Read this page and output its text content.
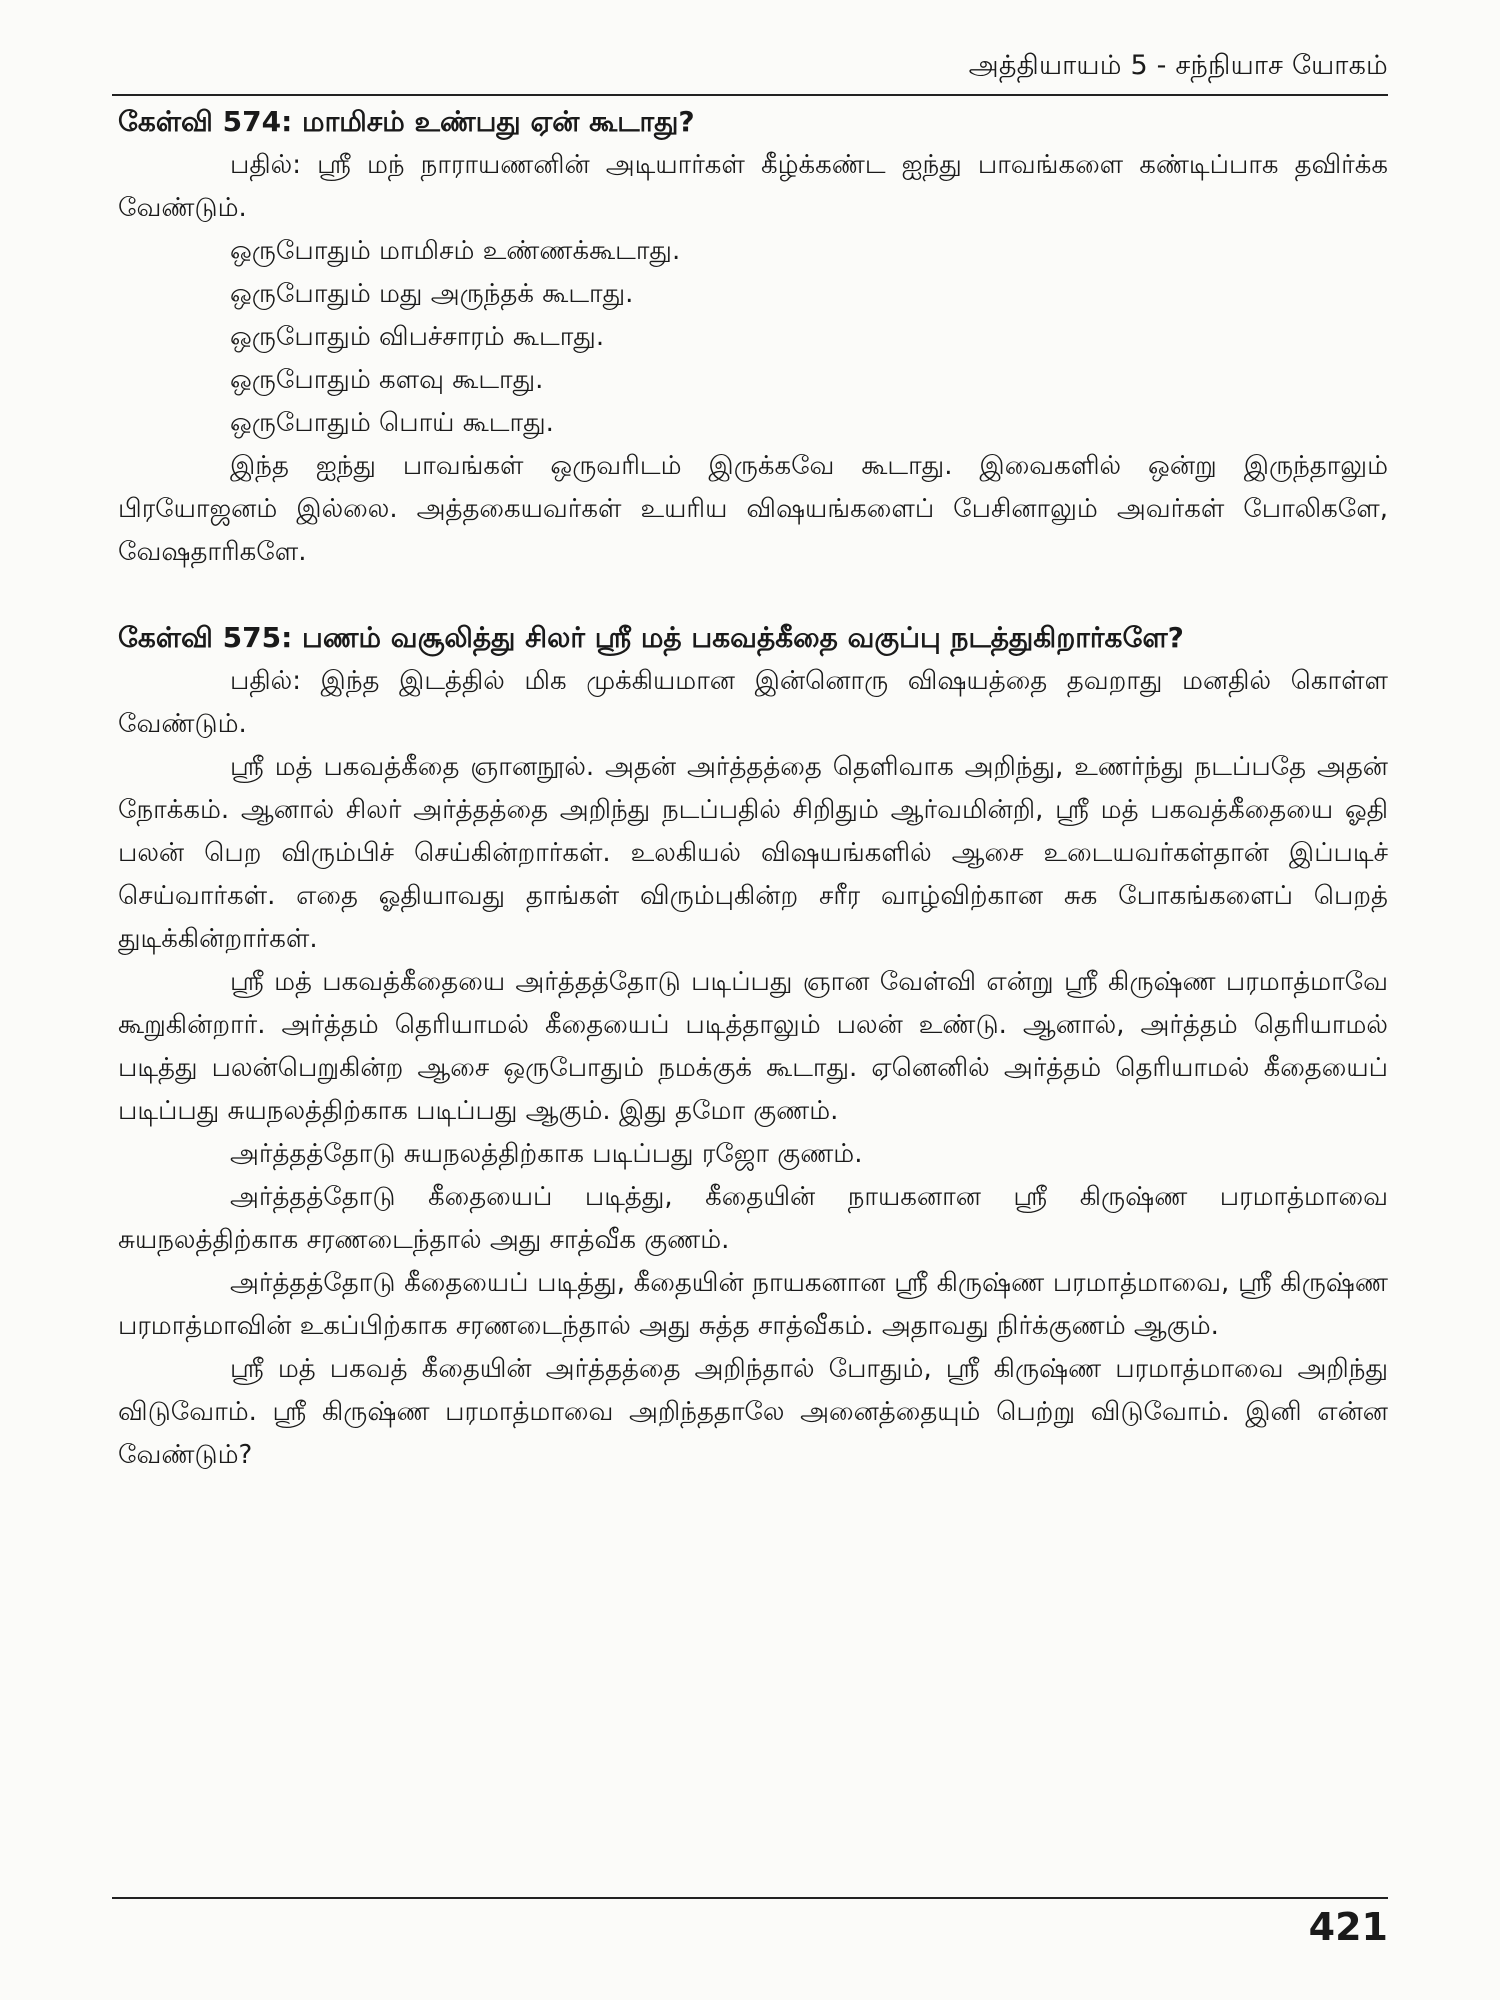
அத்தியாயம் 5 - சந்நியாச யோகம்
கேள்வி 574: மாமிசம் உண்பது ஏன் கூடாது?

பதில்: ஸ்ரீ மந் நாராயணனின் அடியார்கள் கீழ்க்கண்ட ஐந்து பாவங்களை கண்டிப்பாக தவிர்க்க வேண்டும்.

ஒருபோதும் மாமிசம் உண்ணக்கூடாது.

ஒருபோதும் மது அருந்தக் கூடாது.

ஒருபோதும் விபச்சாரம் கூடாது.

ஒருபோதும் களவு கூடாது.

ஒருபோதும் பொய் கூடாது.

இந்த ஐந்து பாவங்கள் ஒருவரிடம் இருக்கவே கூடாது. இவைகளில் ஒன்று இருந்தாலும் பிரயோஜனம் இல்லை. அத்தகையவர்கள் உயரிய விஷயங்களைப் பேசினாலும் அவர்கள் போலிகளே, வேஷதாரிகளே.

கேள்வி 575: பணம் வசூலித்து சிலர் ஸ்ரீ மத் பகவத்கீதை வகுப்பு நடத்துகிறார்களே?

பதில்: இந்த இடத்தில் மிக முக்கியமான இன்னொரு விஷயத்தை தவறாது மனதில் கொள்ள வேண்டும்.

ஸ்ரீ மத் பகவத்கீதை ஞானநூல். அதன் அர்த்தத்தை தெளிவாக அறிந்து, உணர்ந்து நடப்பதே அதன் நோக்கம். ஆனால் சிலர் அர்த்தத்தை அறிந்து நடப்பதில் சிறிதும் ஆர்வமின்றி, ஸ்ரீ மத் பகவத்கீதையை ஓதி பலன் பெற விரும்பிச் செய்கின்றார்கள். உலகியல் விஷயங்களில் ஆசை உடையவர்கள்தான் இப்படிச் செய்வார்கள். எதை ஓதியாவது தாங்கள் விரும்புகின்ற சரீர வாழ்விற்கான சுக போகங்களைப் பெறத் துடிக்கின்றார்கள்.

ஸ்ரீ மத் பகவத்கீதையை அர்த்தத்தோடு படிப்பது ஞான வேள்வி என்று ஸ்ரீ கிருஷ்ண பரமாத்மாவே கூறுகின்றார். அர்த்தம் தெரியாமல் கீதையைப் படித்தாலும் பலன் உண்டு. ஆனால், அர்த்தம் தெரியாமல் படித்து பலன்பெறுகின்ற ஆசை ஒருபோதும் நமக்குக் கூடாது. ஏனெனில் அர்த்தம் தெரியாமல் கீதையைப் படிப்பது சுயநலத்திற்காக படிப்பது ஆகும். இது தமோ குணம்.

அர்த்தத்தோடு சுயநலத்திற்காக படிப்பது ரஜோ குணம்.

அர்த்தத்தோடு கீதையைப் படித்து, கீதையின் நாயகனான ஸ்ரீ கிருஷ்ண பரமாத்மாவை சுயநலத்திற்காக சரணடைந்தால் அது சாத்வீக குணம்.

அர்த்தத்தோடு கீதையைப் படித்து, கீதையின் நாயகனான ஸ்ரீ கிருஷ்ண பரமாத்மாவை, ஸ்ரீ கிருஷ்ண பரமாத்மாவின் உகப்பிற்காக சரணடைந்தால் அது சுத்த சாத்வீகம். அதாவது நிர்க்குணம் ஆகும்.

ஸ்ரீ மத் பகவத் கீதையின் அர்த்தத்தை அறிந்தால் போதும், ஸ்ரீ கிருஷ்ண பரமாத்மாவை அறிந்து விடுவோம். ஸ்ரீ கிருஷ்ண பரமாத்மாவை அறிந்ததாலே அனைத்தையும் பெற்று விடுவோம். இனி என்ன வேண்டும்?

421
